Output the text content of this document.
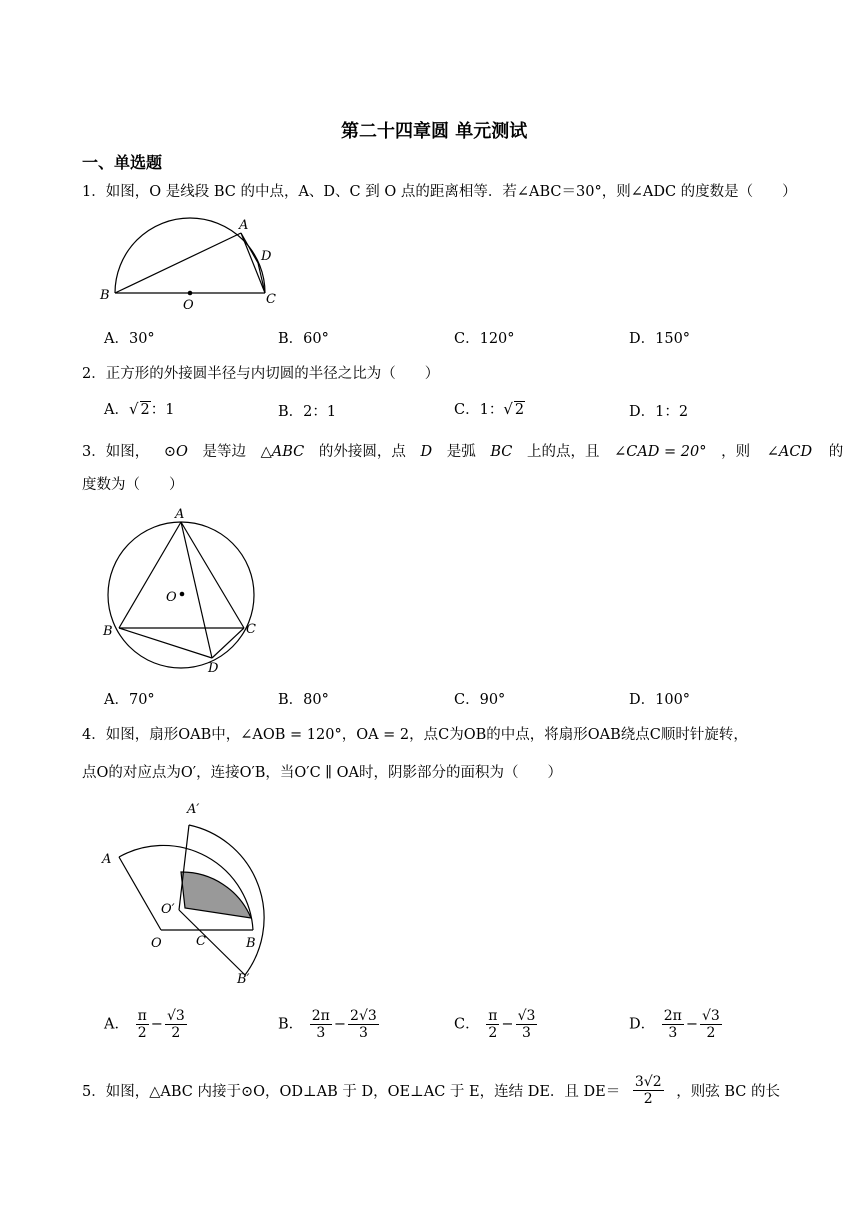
第二十四章圆 单元测试
一、单选题
1．如图，O 是线段 BC 的中点，A、D、C 到 O 点的距离相等．若∠ABC＝30°，则∠ADC 的度数是（　　）
A
D
B
O	C
A．30°	B．60°	C．120°	D．150°
2．正方形的外接圆半径与内切圆的半径之比为（　　）
A．√ 2：1	B．2：1	C．1：√ 2	D．1：2
3．如图， ⊙O 是等边 △ABC 的外接圆，点 D 是弧 BC 上的点，且 ∠CAD = 20° ，则 ∠ACD 的
度数为（　　）
A
O
B	C
D
A．70°	B．80°	C．90°	D．100°
4．如图，扇形OAB中，∠AOB = 120°，OA = 2，点C为OB的中点，将扇形OAB绕点C顺时针旋转，
点O的对应点为O′，连接O′B，当O′C ∥ OA时，阴影部分的面积为（　　）
A′
A
O′
O	C	B
B′
A． $\frac{\pi}{2} - \frac{√3}{2}$	B． $\frac{2\pi}{3} - \frac{2√3}{3}$	C． $\frac{\pi}{2} - \frac{√3}{3}$	D． $\frac{2\pi}{3} - \frac{√3}{2}$
5．如图，△ABC 内接于⊙O，OD⊥AB 于 D，OE⊥AC 于 E，连结 DE．且 $DE= \frac{3√2}{2}$ ，则弦 BC 的长
